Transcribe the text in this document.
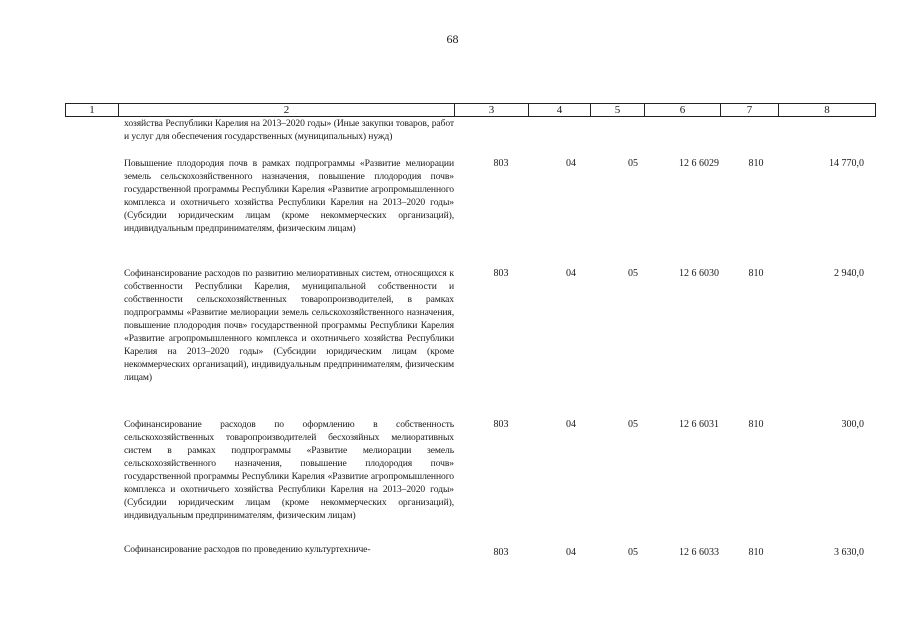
68
1	2	3	4	5	6	7	8
хозяйства Республики Карелия на 2013–2020 годы» (Иные закупки товаров, работ и услуг для обеспечения государственных (муниципальных) нужд)
Повышение плодородия почв в рамках подпрограммы «Развитие мелиорации земель сельскохозяйственного назначения, повышение плодородия почв» государственной программы Республики Карелия «Развитие агропромышленного комплекса и охотничьего хозяйства Республики Карелия на 2013–2020 годы» (Субсидии юридическим лицам (кроме некоммерческих организаций), индивидуальным предпринимателям, физическим лицам)
803	04	05	12 6 6029	810	14 770,0
Софинансирование расходов по развитию мелиоративных систем, относящихся к собственности Республики Карелия, муниципальной собственности и собственности сельскохозяйственных товаропроизводителей, в рамках подпрограммы «Развитие мелиорации земель сельскохозяйственного назначения, повышение плодородия почв» государственной программы Республики Карелия «Развитие агропромышленного комплекса и охотничьего хозяйства Республики Карелия на 2013–2020 годы» (Субсидии юридическим лицам (кроме некоммерческих организаций), индивидуальным предпринимателям, физическим лицам)
803	04	05	12 6 6030	810	2 940,0
Софинансирование расходов по оформлению в собственность сельскохозяйственных товаропроизводителей бесхозяйных мелиоративных систем в рамках подпрограммы «Развитие мелиорации земель сельскохозяйственного назначения, повышение плодородия почв» государственной программы Республики Карелия «Развитие агропромышленного комплекса и охотничьего хозяйства Республики Карелия на 2013–2020 годы» (Субсидии юридическим лицам (кроме некоммерческих организаций), индивидуальным предпринимателям, физическим лицам)
803	04	05	12 6 6031	810	300,0
Софинансирование расходов по проведению культуртехниче-	803	04	05	12 6 6033	810	3 630,0
